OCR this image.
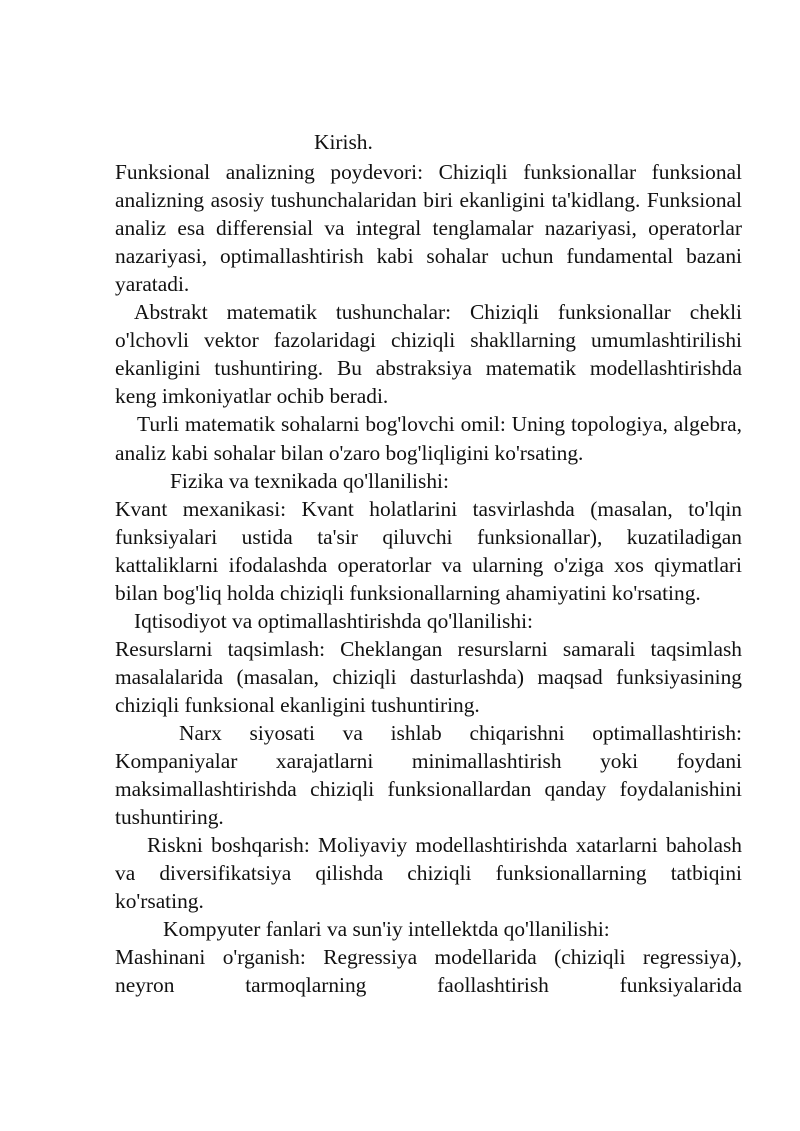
Kirish.

Funksional analizning poydevori: Chiziqli funksionallar funksional analizning asosiy tushunchalaridan biri ekanligini ta'kidlang. Funksional analiz esa differensial va integral tenglamalar nazariyasi, operatorlar nazariyasi, optimallashtirish kabi sohalar uchun fundamental bazani yaratadi.

Abstrakt matematik tushunchalar: Chiziqli funksionallar chekli o'lchovli vektor fazolaridagi chiziqli shakllarning umumlashtirilishi ekanligini tushuntiring. Bu abstraksiya matematik modellashtirishda keng imkoniyatlar ochib beradi.

Turli matematik sohalarni bog'lovchi omil: Uning topologiya, algebra, analiz kabi sohalar bilan o'zaro bog'liqligini ko'rsating.

Fizika va texnikada qo'llanilishi:

Kvant mexanikasi: Kvant holatlarini tasvirlashda (masalan, to'lqin funksiyalari ustida ta'sir qiluvchi funksionallar), kuzatiladigan kattaliklarni ifodalashda operatorlar va ularning o'ziga xos qiymatlari bilan bog'liq holda chiziqli funksionallarning ahamiyatini ko'rsating.

Iqtisodiyot va optimallashtirishda qo'llanilishi:

Resurslarni taqsimlash: Cheklangan resurslarni samarali taqsimlash masalalarida (masalan, chiziqli dasturlashda) maqsad funksiyasining chiziqli funksional ekanligini tushuntiring.

Narx siyosati va ishlab chiqarishni optimallashtirish: Kompaniyalar xarajatlarni minimallashtirish yoki foydani maksimallashtirishda chiziqli funksionallardan qanday foydalanishini tushuntiring.

Riskni boshqarish: Moliyaviy modellashtirishda xatarlarni baholash va diversifikatsiya qilishda chiziqli funksionallarning tatbiqini ko'rsating.

Kompyuter fanlari va sun'iy intellektda qo'llanilishi:

Mashinani o'rganish: Regressiya modellarida (chiziqli regressiya), neyron tarmoqlarning faollashtirish funksiyalarida
